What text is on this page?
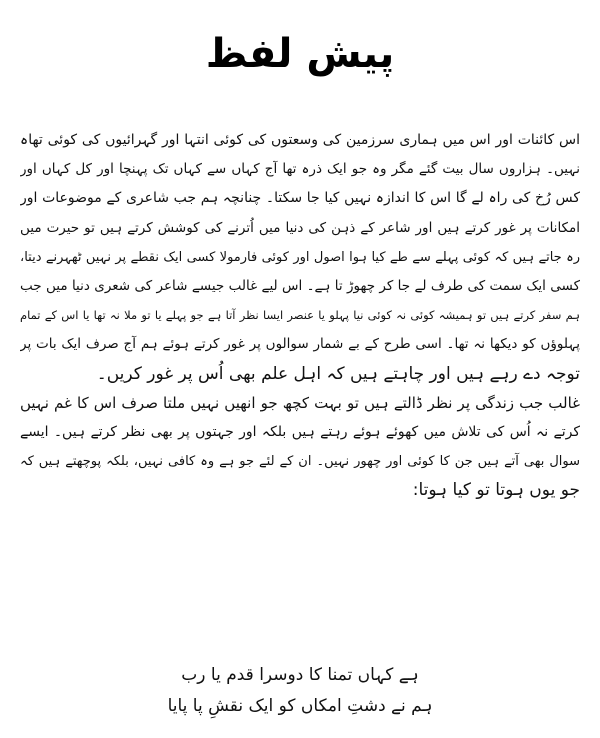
پیش لفظ
اس کائنات اور اس میں ہماری سرزمین کی وسعتوں کی کوئی انتہا اور گہرائیوں کی کوئی تھاہ
نہیں۔ ہزاروں سال بیت گئے مگر وہ جو ایک ذرہ تھا آج کہاں سے کہاں تک پہنچا اور کل کہاں اور
کس رُخ کی راہ لے گا اس کا اندازہ نہیں کیا جا سکتا۔ چنانچہ ہم جب شاعری کے موضوعات اور
امکانات پر غور کرتے ہیں اور شاعر کے ذہن کی دنیا میں اُترنے کی کوشش کرتے ہیں تو حیرت میں
رہ جاتے ہیں کہ کوئی پہلے سے طے کیا ہوا اصول اور کوئی فارمولا کسی ایک نقطے پر نہیں ٹھہرنے دیتا،
کسی ایک سمت کی طرف لے جا کر چھوڑ تا ہے۔ اس لیے غالب جیسے شاعر کی شعری دنیا میں جب
ہم سفر کرتے ہیں تو ہمیشہ کوئی نہ کوئی نیا پہلو یا عنصر ایسا نظر آتا ہے جو پہلے یا تو ملا نہ تھا یا اس کے تمام
پہلوؤں کو دیکھا نہ تھا۔ اسی طرح کے بے شمار سوالوں پر غور کرتے ہوئے ہم آج صرف ایک بات پر
توجہ دے رہے ہیں اور چاہتے ہیں کہ اہل علم بھی اُس پر غور کریں۔
غالب جب زندگی پر نظر ڈالتے ہیں تو بہت کچھ جو انھیں نہیں ملتا صرف اس کا غم نہیں
کرتے نہ اُس کی تلاش میں کھوئے ہوئے رہتے ہیں بلکہ اور جہتوں پر بھی نظر کرتے ہیں۔ ایسے
سوال بھی آتے ہیں جن کا کوئی اور چھور نہیں۔ ان کے لئے جو ہے وہ کافی نہیں، بلکہ پوچھتے ہیں کہ
جو یوں ہوتا تو کیا ہوتا:
ہے کہاں تمنا کا دوسرا قدم یا رب
ہم نے دشتِ امکاں کو ایک نقشِ پا پایا
